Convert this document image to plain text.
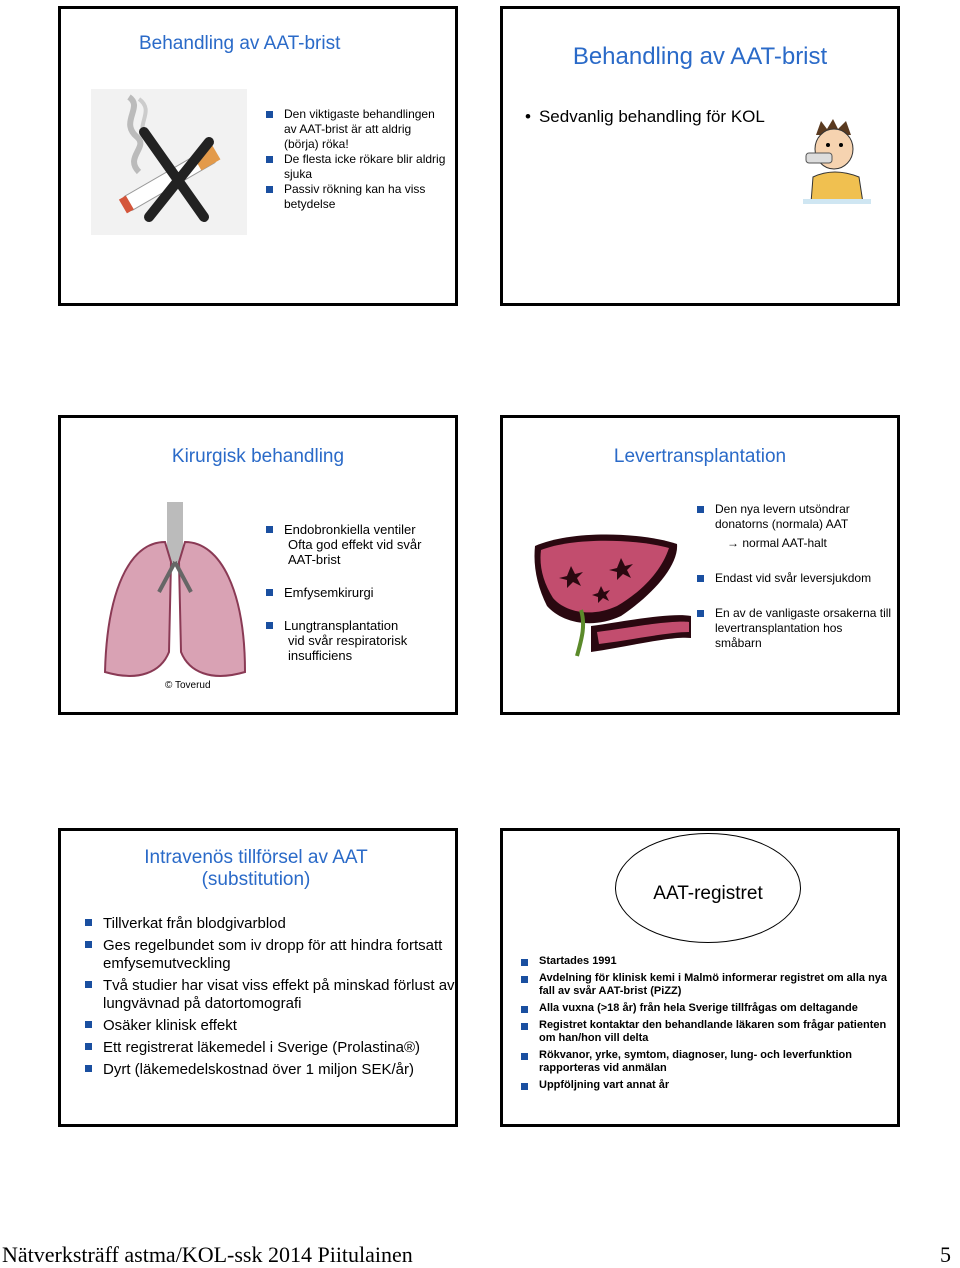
Behandling av AAT-brist
Den viktigaste behandlingen av AAT-brist är att aldrig (börja) röka!
De flesta icke rökare blir aldrig sjuka
Passiv rökning kan ha viss betydelse
Behandling av AAT-brist
• Sedvanlig behandling för KOL
Kirurgisk behandling
© Toverud
Endobronkiella ventiler
Ofta god effekt vid svår AAT-brist
Emfysemkirurgi
Lungtransplantation
vid svår respiratorisk insufficiens
Levertransplantation
Den nya levern utsöndrar donatorns (normala) AAT
→ normal AAT-halt
Endast vid svår leversjukdom
En av de vanligaste orsakerna till levertransplantation hos småbarn
Intravenös tillförsel av AAT (substitution)
Tillverkat från blodgivarblod
Ges regelbundet som iv dropp för att hindra fortsatt emfysemutveckling
Två studier har visat viss effekt på minskad förlust av lungvävnad på datortomografi
Osäker klinisk effekt
Ett registrerat läkemedel i Sverige (Prolastina®)
Dyrt (läkemedelskostnad över 1 miljon SEK/år)
AAT-registret
Startades 1991
Avdelning för klinisk kemi i Malmö informerar registret om alla nya fall av svår AAT-brist (PiZZ)
Alla vuxna (>18 år) från hela Sverige tillfrågas om deltagande
Registret kontaktar den behandlande läkaren som frågar patienten om han/hon vill delta
Rökvanor, yrke, symtom, diagnoser, lung- och leverfunktion rapporteras vid anmälan
Uppföljning vart annat år
Nätverksträff astma/KOL-ssk 2014 Piitulainen	5
